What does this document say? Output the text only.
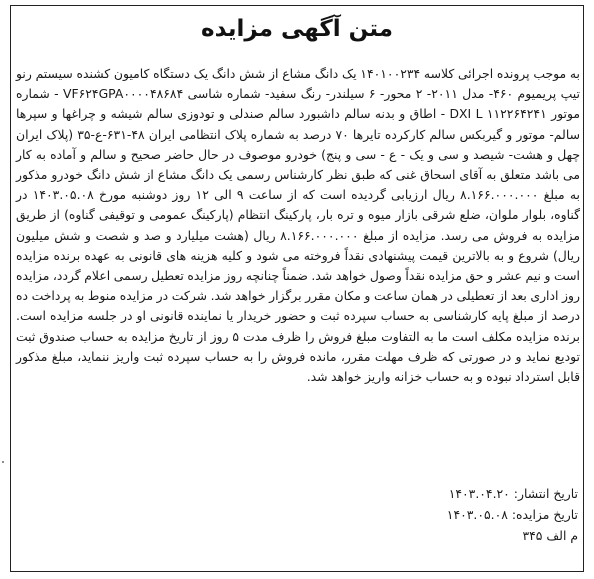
متن آگهی مزایده
به موجب پرونده اجرائی کلاسه ۱۴۰۱۰۰۲۳۴ یک دانگ مشاع از شش دانگ یک دستگاه کامیون کشنده سیستم رنو تیپ پریمیوم ۴۶۰- مدل ۲۰۱۱- ۲ محور- ۶ سیلندر- رنگ سفید- شماره شاسی VF۶۲۴GPA۰۰۰۰۴۸۶۸۴ - شماره موتور DXI L ۱۱۲۲۶۴۲۴۱ - اطاق و بدنه سالم داشبورد سالم صندلی و تودوزی سالم شیشه و چراغها و سپرها سالم- موتور و گیربکس سالم کارکرده تایرها ۷۰ درصد به شماره پلاک انتظامی ایران ۴۸-۶۳۱-ع-۳۵ (پلاک ایران چهل و هشت- شیصد و سی و یک - ع - سی و پنج) خودرو موصوف در حال حاضر صحیح و سالم و آماده به کار می باشد متعلق به آقای اسحاق غنی که طبق نظر کارشناس رسمی یک دانگ مشاع از شش دانگ خودرو مذکور به مبلغ ۸.۱۶۶.۰۰۰.۰۰۰ ریال ارزیابی گردیده است که از ساعت ۹ الی ۱۲ روز دوشنبه مورخ ۱۴۰۳.۰۵.۰۸ در گناوه، بلوار ملوان، ضلع شرقی بازار میوه و تره بار، پارکینگ انتظام (پارکینگ عمومی و توقیفی گناوه) از طریق مزایده به فروش می رسد. مزایده از مبلغ ۸.۱۶۶.۰۰۰.۰۰۰ ریال (هشت میلیارد و صد و شصت و شش میلیون ریال) شروع و به بالاترین قیمت پیشنهادی نقداً فروخته می شود و کلیه هزینه های قانونی به عهده برنده مزایده است و نیم عشر و حق مزایده نقداً وصول خواهد شد. ضمناً چنانچه روز مزایده تعطیل رسمی اعلام گردد، مزایده روز اداری بعد از تعطیلی در همان ساعت و مکان مقرر برگزار خواهد شد. شرکت در مزایده منوط به پرداخت ده درصد از مبلغ پایه کارشناسی به حساب سپرده ثبت و حضور خریدار یا نماینده قانونی او در جلسه مزایده است. برنده مزایده مکلف است ما به التفاوت مبلغ فروش را ظرف مدت ۵ روز از تاریخ مزایده به حساب صندوق ثبت تودیع نماید و در صورتی که ظرف مهلت مقرر، مانده فروش را به حساب سپرده ثبت واریز ننماید، مبلغ مذکور قابل استرداد نبوده و به حساب خزانه واریز خواهد شد.
تاریخ انتشار: ۱۴۰۳.۰۴.۲۰
تاریخ مزایده: ۱۴۰۳.۰۵.۰۸
م الف ۳۴۵
